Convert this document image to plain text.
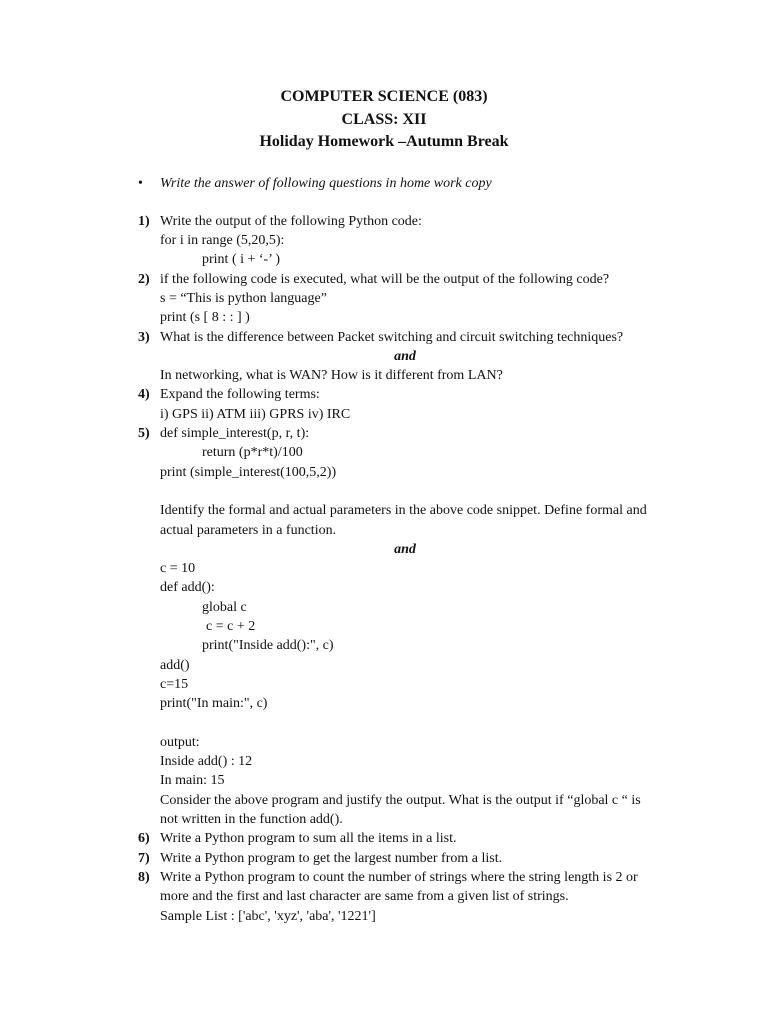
COMPUTER SCIENCE (083)
CLASS: XII
Holiday Homework –Autumn Break
• Write the answer of following questions in home work copy
1) Write the output of the following Python code:
for i in range (5,20,5):
print ( i + ‘-’ )
2) if the following code is executed, what will be the output of the following code?
s = “This is python language”
print (s [ 8 : : ] )
3) What is the difference between Packet switching and circuit switching techniques?
and
In networking, what is WAN? How is it different from LAN?
4) Expand the following terms:
i) GPS ii) ATM iii) GPRS iv) IRC
5) def simple_interest(p, r, t):
return (p*r*t)/100
print (simple_interest(100,5,2))
Identify the formal and actual parameters in the above code snippet. Define formal and
actual parameters in a function.
and
c = 10
def add():
global c
c = c + 2
print("Inside add():", c)
add()
c=15
print("In main:", c)
output:
Inside add() : 12
In main: 15
Consider the above program and justify the output. What is the output if “global c “ is
not written in the function add().
6) Write a Python program to sum all the items in a list.
7) Write a Python program to get the largest number from a list.
8) Write a Python program to count the number of strings where the string length is 2 or
more and the first and last character are same from a given list of strings.
Sample List : ['abc', 'xyz', 'aba', '1221']
